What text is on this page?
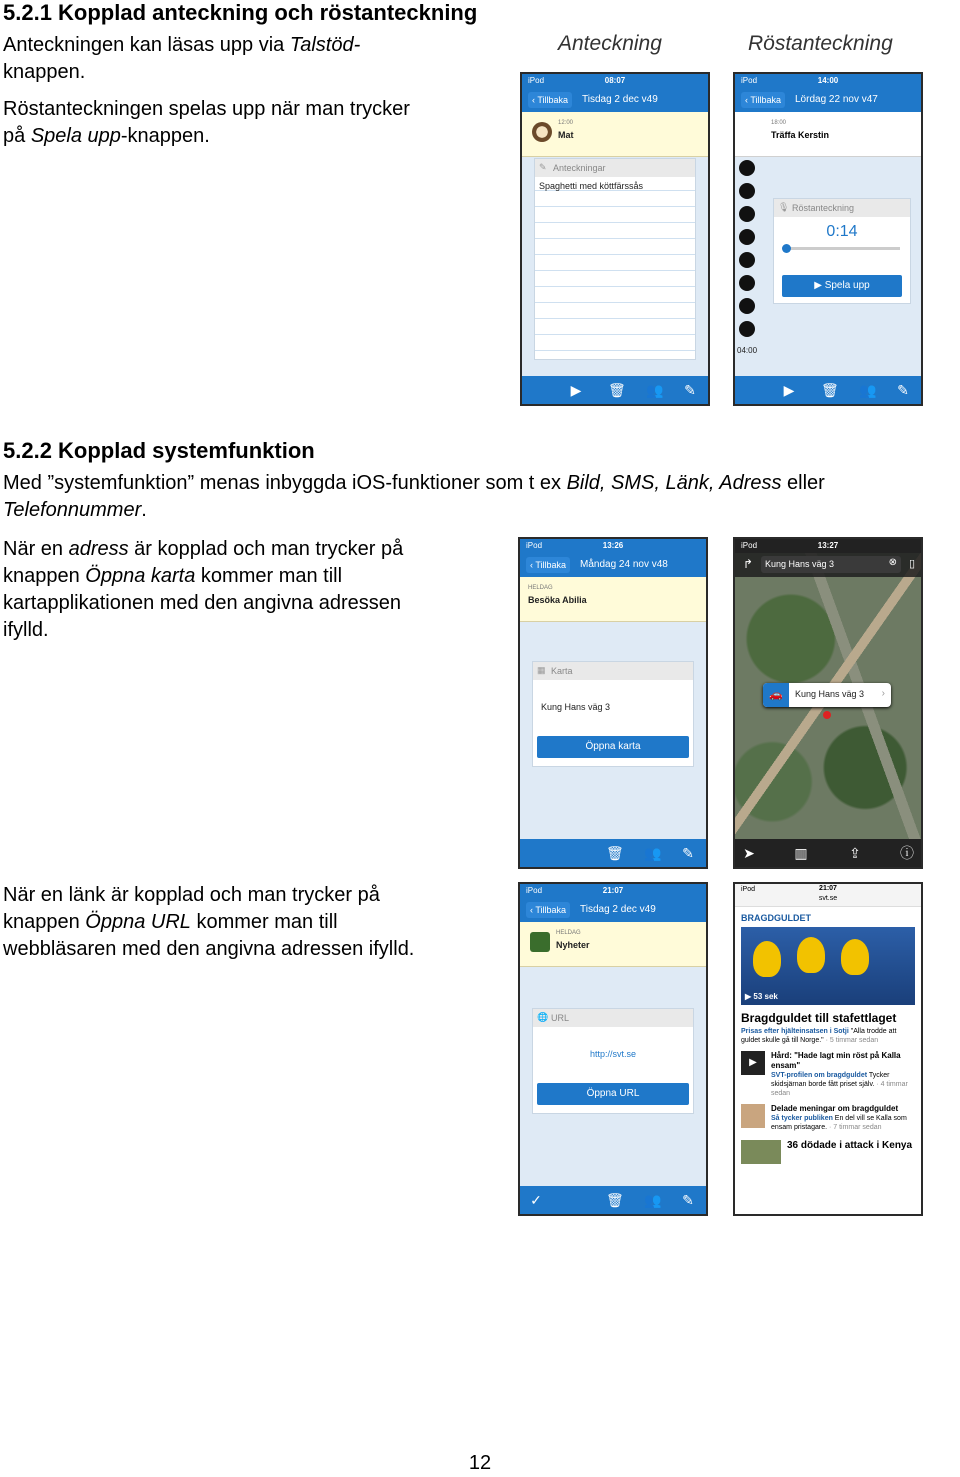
5.2.1 Kopplad anteckning och röstanteckning
Anteckningen kan läsas upp via Talstöd-
knappen.
Röstanteckningen spelas upp när man trycker
på Spela upp-knappen.
Anteckning	Röstanteckning
iPod	08:07
‹ Tillbaka	Tisdag 2 dec v49
12:00
Mat
✎ Anteckningar
Spaghetti med köttfärssås
▶ 🗑 👥 ✎
iPod	14:00
‹ Tillbaka	Lördag 22 nov v47
18:00
Träffa Kerstin
04:00
🎙 Röstanteckning
0:14
▶ Spela upp
▶ 🗑 👥 ✎
5.2.2 Kopplad systemfunktion
Med ”systemfunktion” menas inbyggda iOS-funktioner som t ex Bild, SMS, Länk, Adress eller
Telefonnummer.
När en adress är kopplad och man trycker på
knappen Öppna karta kommer man till
kartapplikationen med den angivna adressen
ifylld.
iPod	13:26
‹ Tillbaka	Måndag 24 nov v48
HELDAG
Besöka Abilia
▦ Karta
Kung Hans väg 3
Öppna karta
🗑 👥 ✎
iPod	13:27
↱ Kung Hans väg 3	⊗ ▯
🚗	Kung Hans väg 3 ›
➤	▥	⇪	ⓘ
När en länk är kopplad och man trycker på
knappen Öppna URL kommer man till
webbläsaren med den angivna adressen ifylld.
iPod	21:07
‹ Tillbaka	Tisdag 2 dec v49
HELDAG
Nyheter
🌐 URL
http://svt.se
Öppna URL
✓	🗑 👥 ✎
iPod	21:07
svt.se
BRAGDGULDET
▶ 53 sek
Bragdguldet till stafettlaget
Prisas efter hjälteinsatsen i Sotji "Alla trodde att guldet skulle gå till Norge." · 5 timmar sedan
▶
Hård: "Hade lagt min röst på Kalla ensam"
SVT-profilen om bragdguldet Tycker skidsjärnan borde fått priset själv. · 4 timmar sedan
Delade meningar om bragdguldet
Så tycker publiken En del vill se Kalla som ensam pristagare. · 7 timmar sedan
36 dödade i attack i Kenya
12
